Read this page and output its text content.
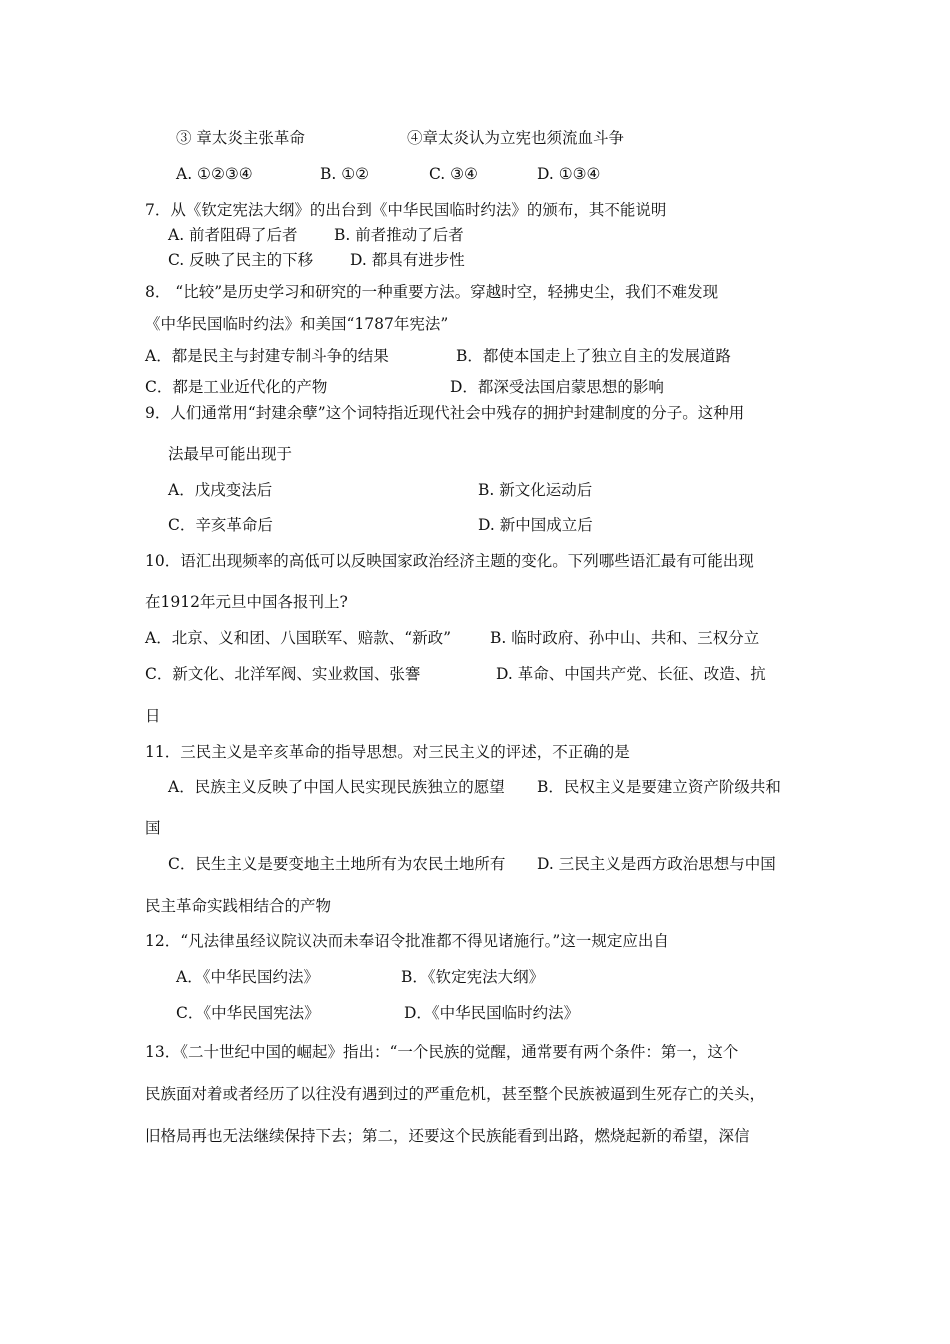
③ 章太炎主张革命	④章太炎认为立宪也须流血斗争
A. ①②③④	B. ①②	C. ③④	D. ①③④
7．从《钦定宪法大纲》的出台到《中华民国临时约法》的颁布，其不能说明
A. 前者阻碍了后者 B. 前者推动了后者
C. 反映了民主的下移 D. 都具有进步性
8． “比较”是历史学习和研究的一种重要方法。穿越时空，轻拂史尘，我们不难发现
《中华民国临时约法》和美国“1787年宪法”
A．都是民主与封建专制斗争的结果	B．都使本国走上了独立自主的发展道路
C．都是工业近代化的产物	D．都深受法国启蒙思想的影响
9．人们通常用“封建余孽”这个词特指近现代社会中残存的拥护封建制度的分子。这种用
法最早可能出现于
A．戊戌变法后	B. 新文化运动后
C．辛亥革命后	D. 新中国成立后
10．语汇出现频率的高低可以反映国家政治经济主题的变化。下列哪些语汇最有可能出现
在1912年元旦中国各报刊上?
A．北京、义和团、八国联军、赔款、“新政”	B. 临时政府、孙中山、共和、三权分立
C．新文化、北洋军阀、实业救国、张謇	D. 革命、中国共产党、长征、改造、抗
日
11．三民主义是辛亥革命的指导思想。对三民主义的评述，不正确的是
A．民族主义反映了中国人民实现民族独立的愿望 B．民权主义是要建立资产阶级共和
国
C．民生主义是要变地主土地所有为农民土地所有 D. 三民主义是西方政治思想与中国
民主革命实践相结合的产物
12．“凡法律虽经议院议决而未奉诏令批准都不得见诸施行。”这一规定应出自
A．《中华民国约法》	B．《钦定宪法大纲》
C．《中华民国宪法》	D．《中华民国临时约法》
13．《二十世纪中国的崛起》指出：“一个民族的觉醒，通常要有两个条件：第一，这个
民族面对着或者经历了以往没有遇到过的严重危机，甚至整个民族被逼到生死存亡的关头，
旧格局再也无法继续保持下去；第二，还要这个民族能看到出路，燃烧起新的希望，深信
